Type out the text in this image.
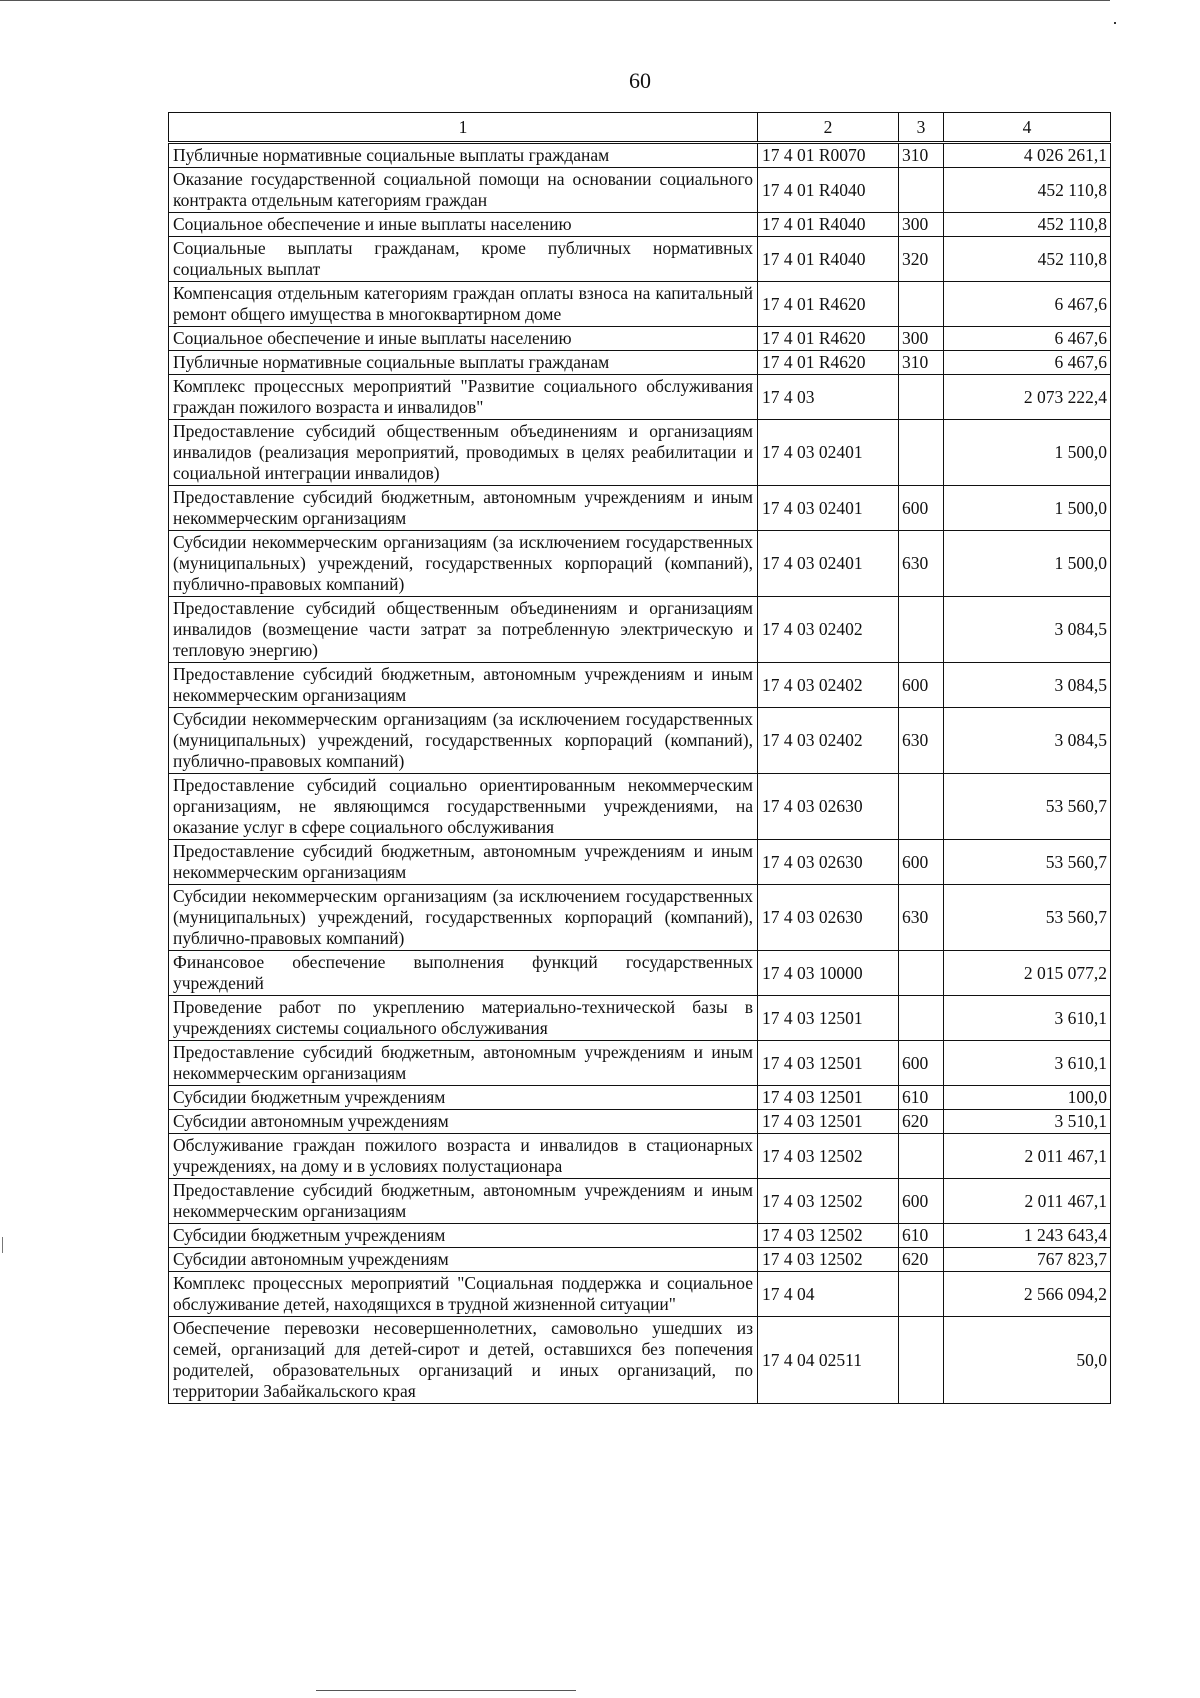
60
1	2	3	4
Публичные нормативные социальные выплаты гражданам	17 4 01 R0070	310	4 026 261,1
Оказание государственной социальной помощи на основании социального контракта отдельным категориям граждан	17 4 01 R4040		452 110,8
Социальное обеспечение и иные выплаты населению	17 4 01 R4040	300	452 110,8
Социальные выплаты гражданам, кроме публичных нормативных социальных выплат	17 4 01 R4040	320	452 110,8
Компенсация отдельным категориям граждан оплаты взноса на капитальный ремонт общего имущества в многоквартирном доме	17 4 01 R4620		6 467,6
Социальное обеспечение и иные выплаты населению	17 4 01 R4620	300	6 467,6
Публичные нормативные социальные выплаты гражданам	17 4 01 R4620	310	6 467,6
Комплекс процессных мероприятий "Развитие социального обслуживания граждан пожилого возраста и инвалидов"	17 4 03		2 073 222,4
Предоставление субсидий общественным объединениям и организациям инвалидов (реализация мероприятий, проводимых в целях реабилитации и социальной интеграции инвалидов)	17 4 03 02401		1 500,0
Предоставление субсидий бюджетным, автономным учреждениям и иным некоммерческим организациям	17 4 03 02401	600	1 500,0
Субсидии некоммерческим организациям (за исключением государственных (муниципальных) учреждений, государственных корпораций (компаний), публично-правовых компаний)	17 4 03 02401	630	1 500,0
Предоставление субсидий общественным объединениям и организациям инвалидов (возмещение части затрат за потребленную электрическую и тепловую энергию)	17 4 03 02402		3 084,5
Предоставление субсидий бюджетным, автономным учреждениям и иным некоммерческим организациям	17 4 03 02402	600	3 084,5
Субсидии некоммерческим организациям (за исключением государственных (муниципальных) учреждений, государственных корпораций (компаний), публично-правовых компаний)	17 4 03 02402	630	3 084,5
Предоставление субсидий социально ориентированным некоммерческим организациям, не являющимся государственными учреждениями, на оказание услуг в сфере социального обслуживания	17 4 03 02630		53 560,7
Предоставление субсидий бюджетным, автономным учреждениям и иным некоммерческим организациям	17 4 03 02630	600	53 560,7
Субсидии некоммерческим организациям (за исключением государственных (муниципальных) учреждений, государственных корпораций (компаний), публично-правовых компаний)	17 4 03 02630	630	53 560,7
Финансовое обеспечение выполнения функций государственных учреждений	17 4 03 10000		2 015 077,2
Проведение работ по укреплению материально-технической базы в учреждениях системы социального обслуживания	17 4 03 12501		3 610,1
Предоставление субсидий бюджетным, автономным учреждениям и иным некоммерческим организациям	17 4 03 12501	600	3 610,1
Субсидии бюджетным учреждениям	17 4 03 12501	610	100,0
Субсидии автономным учреждениям	17 4 03 12501	620	3 510,1
Обслуживание граждан пожилого возраста и инвалидов в стационарных учреждениях, на дому и в условиях полустационара	17 4 03 12502		2 011 467,1
Предоставление субсидий бюджетным, автономным учреждениям и иным некоммерческим организациям	17 4 03 12502	600	2 011 467,1
Субсидии бюджетным учреждениям	17 4 03 12502	610	1 243 643,4
Субсидии автономным учреждениям	17 4 03 12502	620	767 823,7
Комплекс процессных мероприятий "Социальная поддержка и социальное обслуживание детей, находящихся в трудной жизненной ситуации"	17 4 04		2 566 094,2
Обеспечение перевозки несовершеннолетних, самовольно ушедших из семей, организаций для детей-сирот и детей, оставшихся без попечения родителей, образовательных организаций и иных организаций, по территории Забайкальского края	17 4 04 02511		50,0
